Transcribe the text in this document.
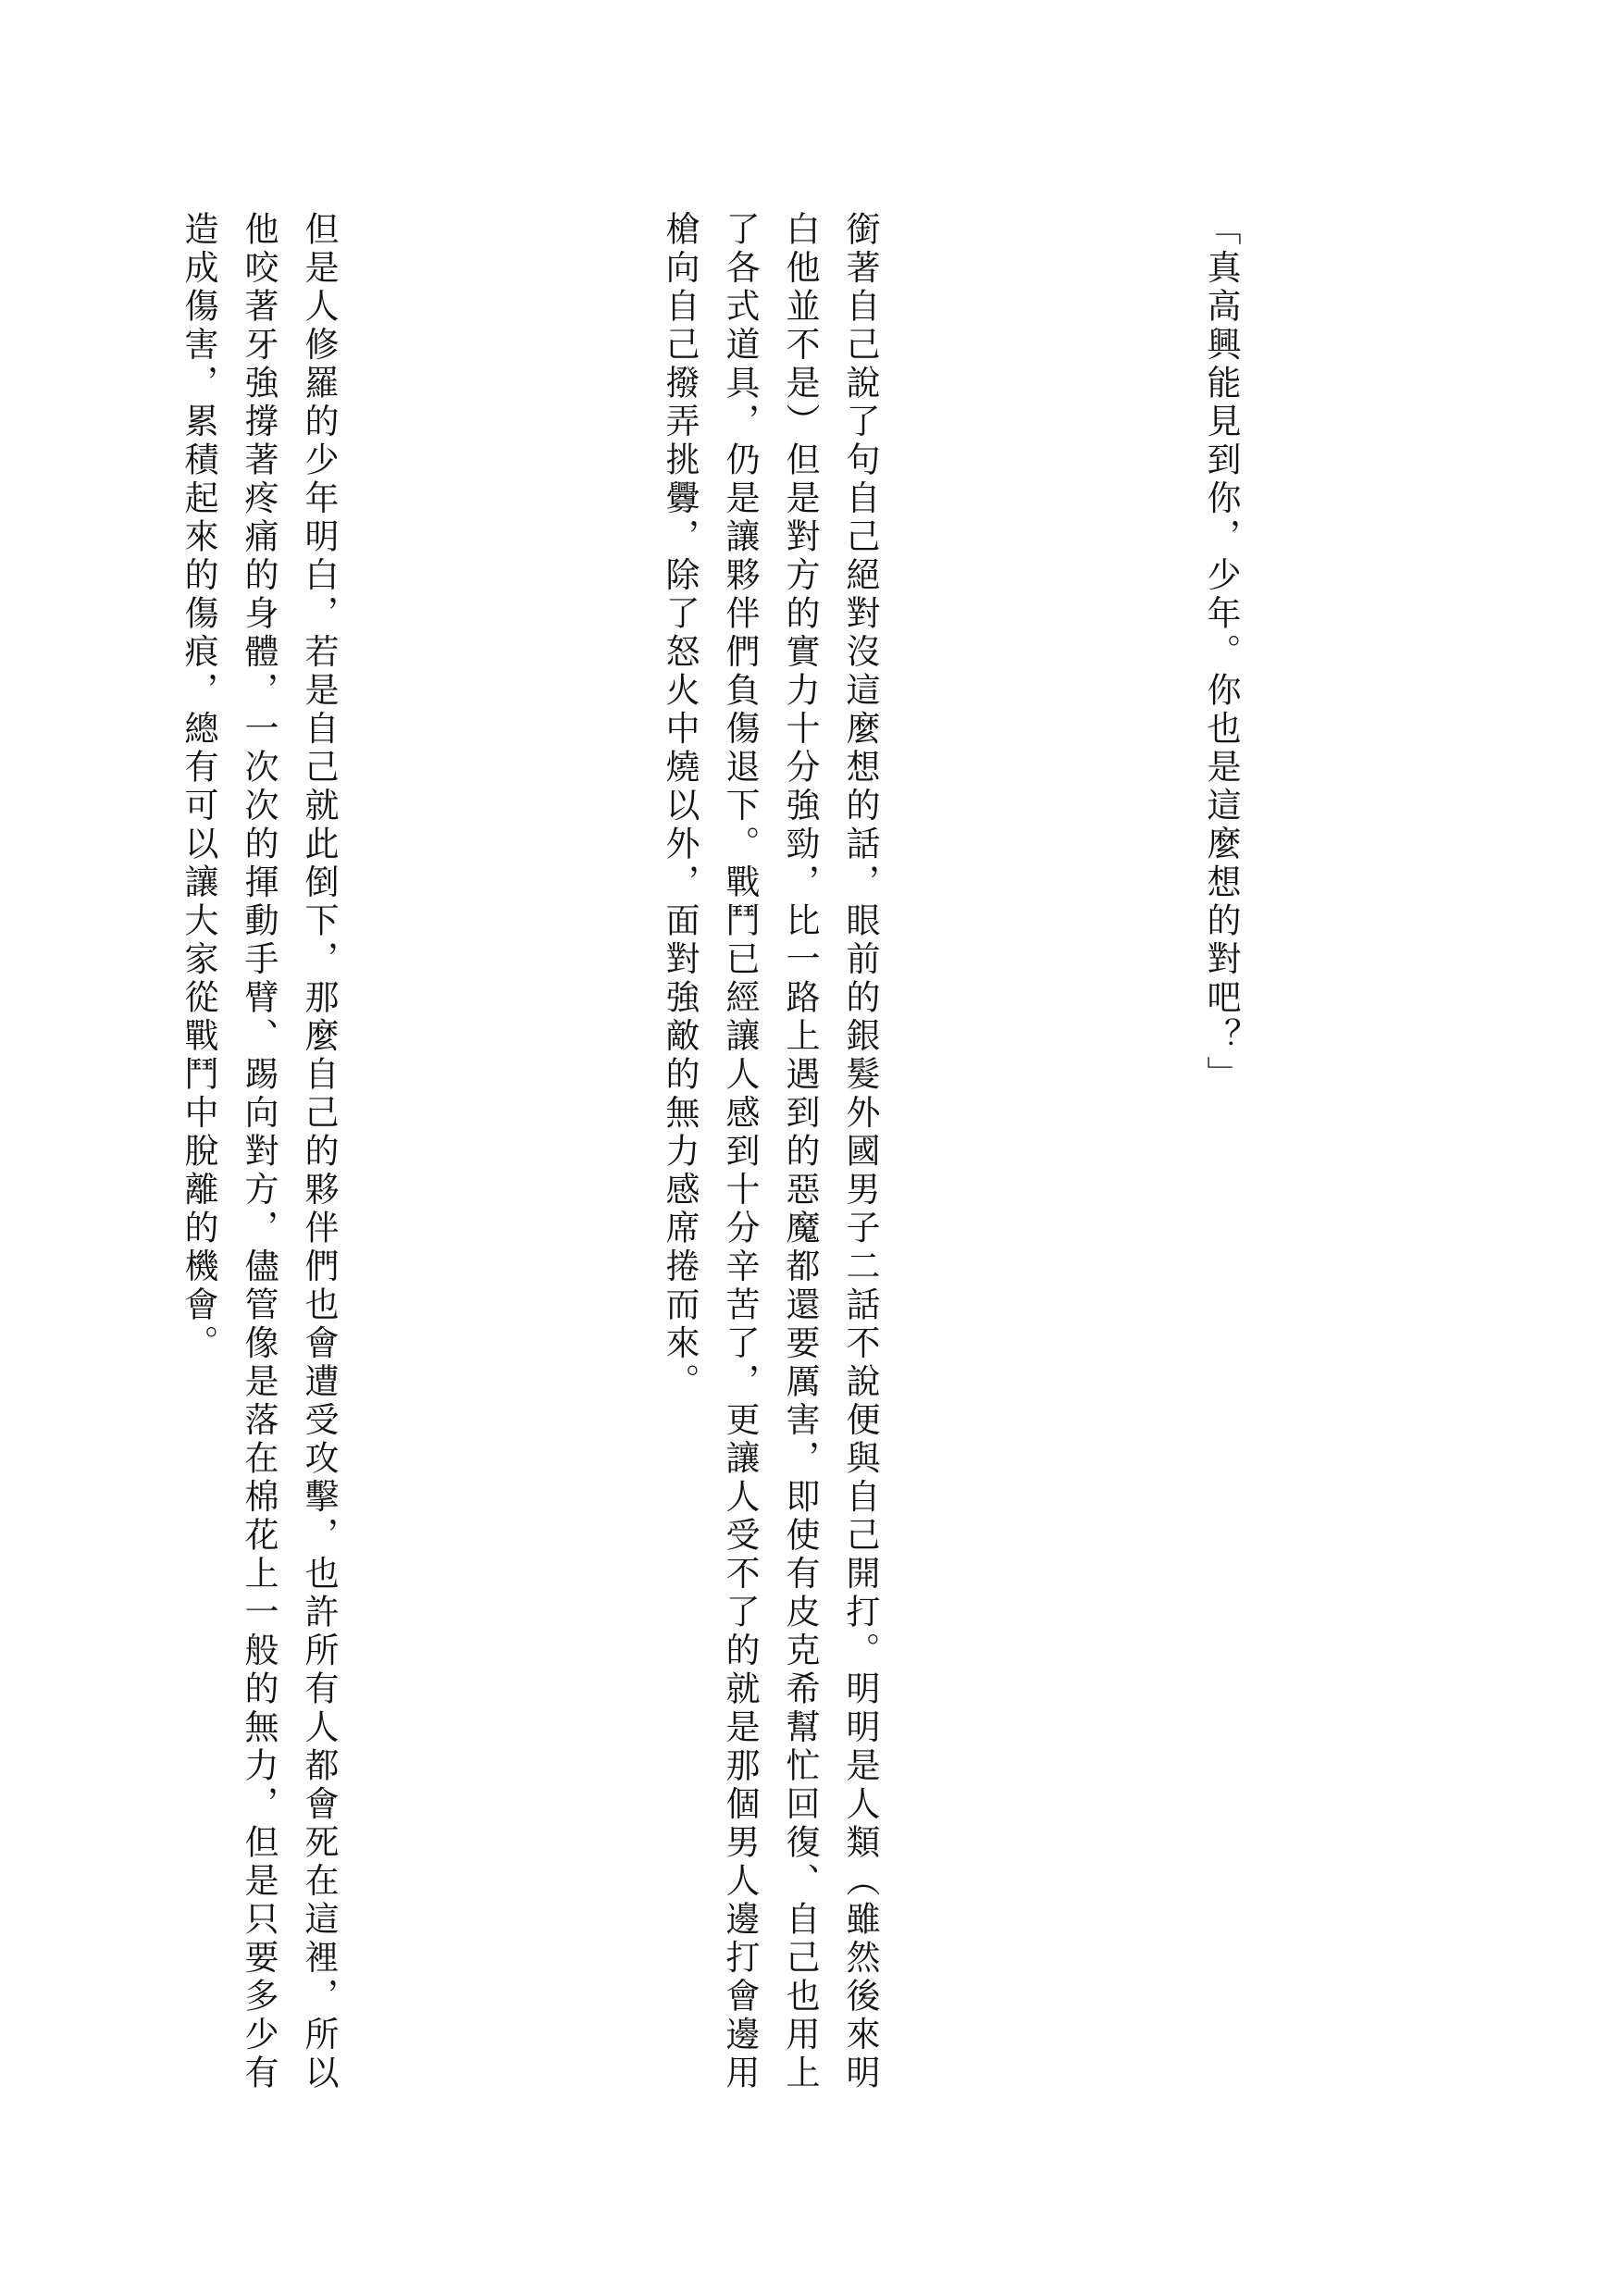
「真高興能見到你，少年。你也是這麼想的對吧？」

銜著自己說了句自己絕對沒這麼想的話，眼前的銀髮外國男子二話不說便與自己開打。明明是人類（雖然後來明白他並不是）但是對方的實力十分強勁，比一路上遇到的惡魔都還要厲害，即使有皮克希幫忙回復、自己也用上了各式道具，仍是讓夥伴們負傷退下。戰鬥已經讓人感到十分辛苦了，更讓人受不了的就是那個男人邊打會邊用槍向自己撥弄挑釁，除了怒火中燒以外，面對強敵的無力感席捲而來。

但是人修羅的少年明白，若是自己就此倒下，那麼自己的夥伴們也會遭受攻擊，也許所有人都會死在這裡，所以他咬著牙強撐著疼痛的身體，一次次的揮動手臂、踢向對方，儘管像是落在棉花上一般的無力，但是只要多少有造成傷害，累積起來的傷痕，總有可以讓大家從戰鬥中脫離的機會。
